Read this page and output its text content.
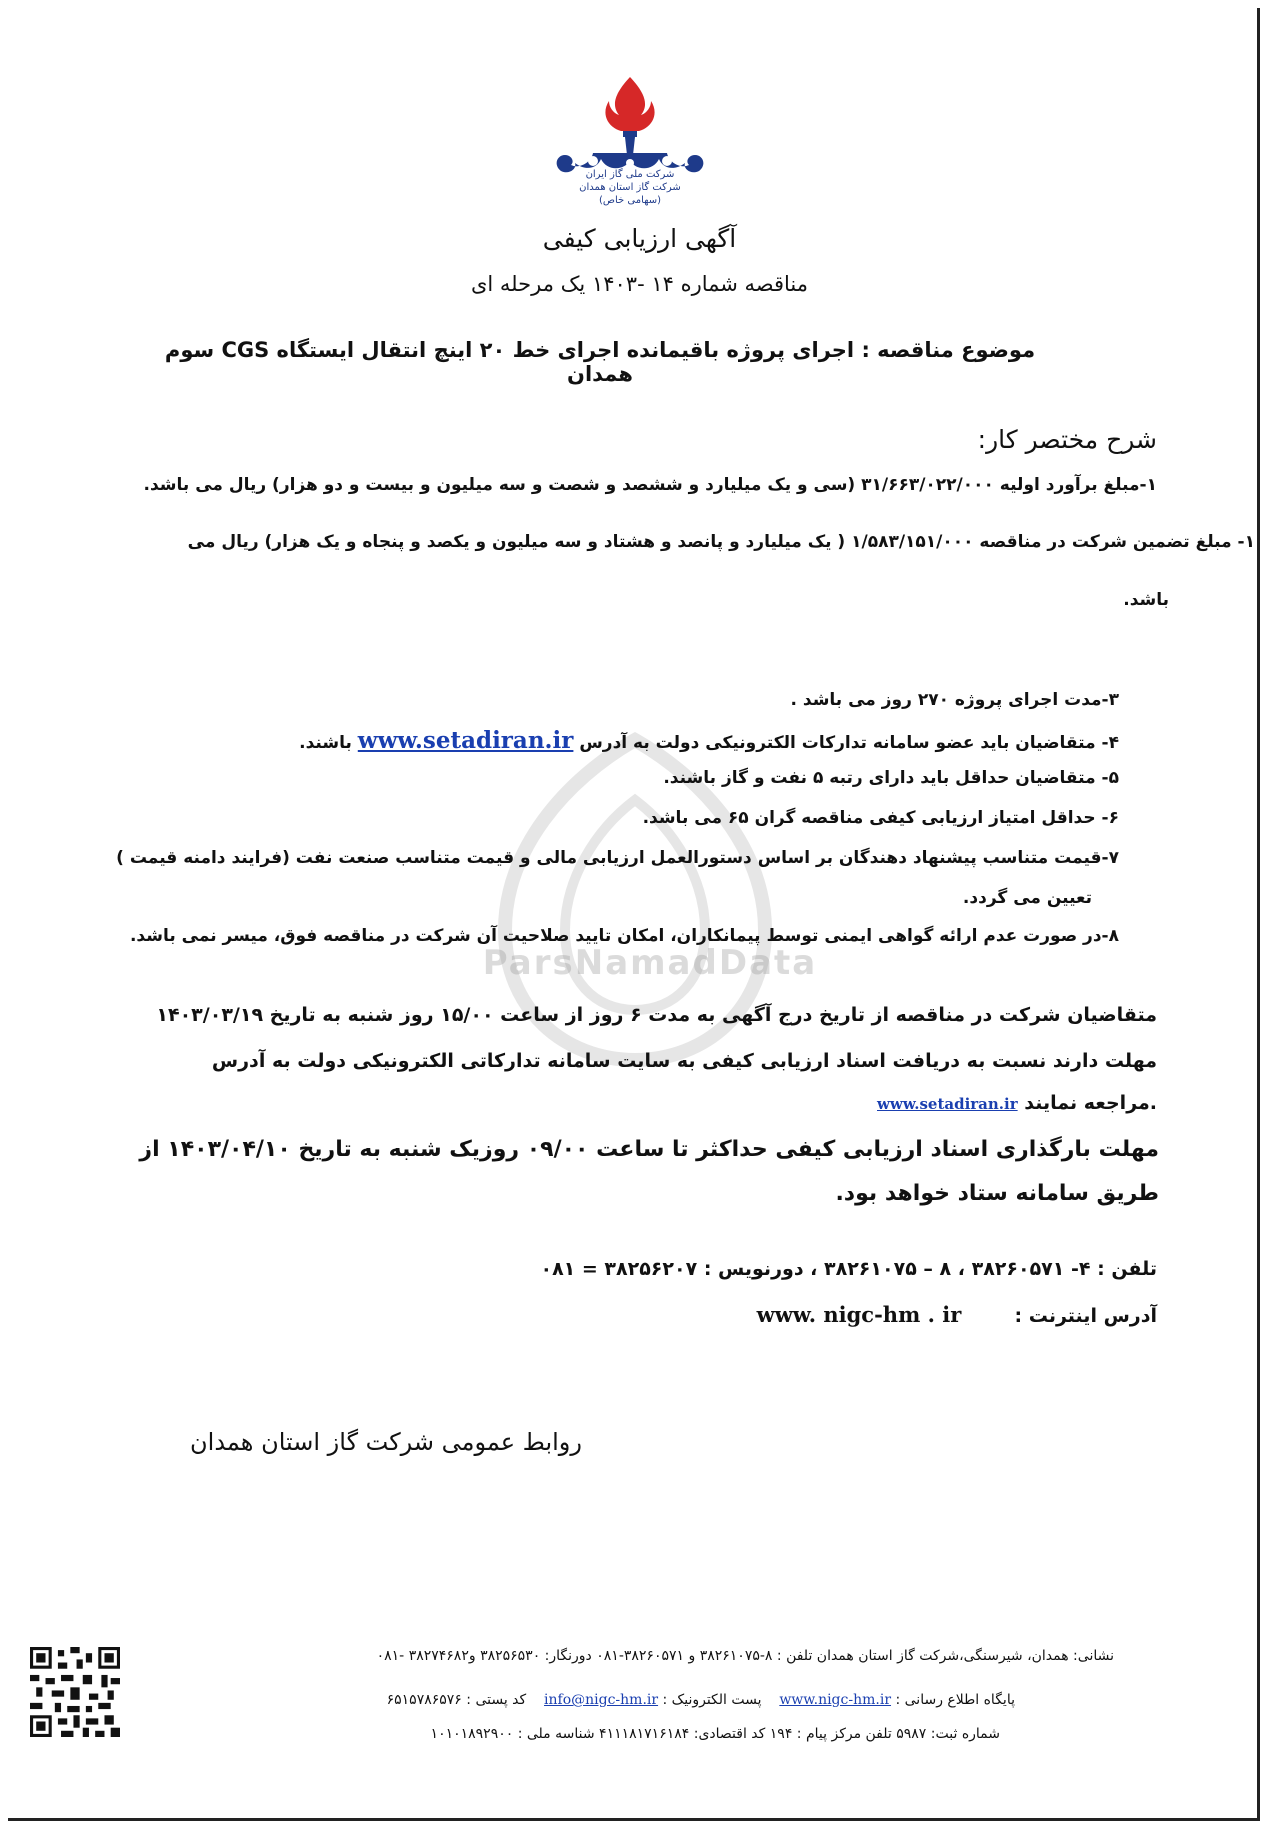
شرکت ملی گاز ایران
شرکت گاز استان همدان
(سهامی خاص)
آگهی ارزیابی کیفی
مناقصه شماره ۱۴ -۱۴۰۳ یک مرحله ای
موضوع مناقصه : اجرای پروژه باقیمانده اجرای خط ۲۰ اینچ انتقال ایستگاه CGS سوم همدان
ParsNamadData
شرح مختصر کار:
۱-مبلغ برآورد اولیه ۳۱/۶۶۳/۰۲۲/۰۰۰ (سی و یک میلیارد و ششصد و شصت و سه میلیون و بیست و دو هزار) ریال می باشد.
۱- مبلغ تضمین شرکت در مناقصه ۱/۵۸۳/۱۵۱/۰۰۰ ( یک میلیارد و پانصد و هشتاد و سه میلیون و یکصد و پنجاه و یک هزار) ریال می
باشد.
۳-مدت اجرای پروژه ۲۷۰ روز می باشد .
۴- متقاضیان باید عضو سامانه تدارکات الکترونیکی دولت به آدرس www.setadiran.ir باشند.
۵- متقاضیان حداقل باید دارای رتبه ۵ نفت و گاز باشند.
۶- حداقل امتیاز ارزیابی کیفی مناقصه گران ۶۵ می باشد.
۷-قیمت متناسب پیشنهاد دهندگان بر اساس دستورالعمل ارزیابی مالی و قیمت متناسب صنعت نفت (فرایند دامنه قیمت )
تعیین می گردد.
۸-در صورت عدم ارائه گواهی ایمنی توسط پیمانکاران، امکان تایید صلاحیت آن شرکت در مناقصه فوق، میسر نمی باشد.
متقاضیان شرکت در مناقصه از تاریخ درج آگهی به مدت ۶ روز از ساعت ۱۵/۰۰ روز شنبه به تاریخ ۱۴۰۳/۰۳/۱۹
مهلت دارند نسبت به دریافت اسناد ارزیابی کیفی به سایت سامانه تدارکاتی الکترونیکی دولت به آدرس
www.setadiran.ir مراجعه نمایند.
مهلت بارگذاری اسناد ارزیابی کیفی حداکثر تا ساعت ۰۹/۰۰ روزیک شنبه به تاریخ ۱۴۰۳/۰۴/۱۰ از طریق سامانه ستاد خواهد بود.
تلفن : ۴- ۳۸۲۶۰۵۷۱ ، ۸ – ۳۸۲۶۱۰۷۵ ، دورنویس : ۳۸۲۵۶۲۰۷ = ۰۸۱
آدرس اینترنت :  www. nigc-hm . ir
روابط عمومی شرکت گاز استان همدان
نشانی: همدان، شیرسنگی،شرکت گاز استان همدان تلفن : ۸-۳۸۲۶۱۰۷۵ و ۳۸۲۶۰۵۷۱-۰۸۱ دورنگار: ۳۸۲۵۶۵۳۰ و۳۸۲۷۴۶۸۲ -۰۸۱
پایگاه اطلاع رسانی : www.nigc-hm.ir    پست الکترونیک : info@nigc-hm.ir    کد پستی : ۶۵۱۵۷۸۶۵۷۶
شماره ثبت: ۵۹۸۷ تلفن مرکز پیام : ۱۹۴ کد اقتصادی: ۴۱۱۱۸۱۷۱۶۱۸۴ شناسه ملی : ۱۰۱۰۱۸۹۲۹۰۰
